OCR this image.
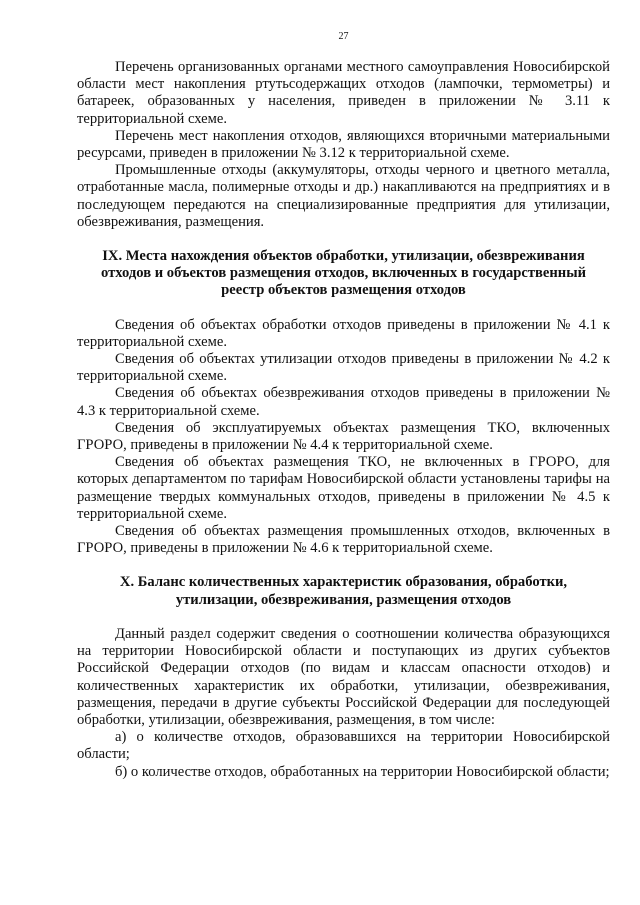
27

Перечень организованных органами местного самоуправления Новосибирской области мест накопления ртутьсодержащих отходов (лампочки, термометры) и батареек, образованных у населения, приведен в приложении № 3.11 к территориальной схеме.

Перечень мест накопления отходов, являющихся вторичными материальными ресурсами, приведен в приложении № 3.12 к территориальной схеме.

Промышленные отходы (аккумуляторы, отходы черного и цветного металла, отработанные масла, полимерные отходы и др.) накапливаются на предприятиях и в последующем передаются на специализированные предприятия для утилизации, обезвреживания, размещения.

IX. Места нахождения объектов обработки, утилизации, обезвреживания отходов и объектов размещения отходов, включенных в государственный реестр объектов размещения отходов

Сведения об объектах обработки отходов приведены в приложении № 4.1 к территориальной схеме.

Сведения об объектах утилизации отходов приведены в приложении № 4.2 к территориальной схеме.

Сведения об объектах обезвреживания отходов приведены в приложении № 4.3 к территориальной схеме.

Сведения об эксплуатируемых объектах размещения ТКО, включенных ГРОРО, приведены в приложении № 4.4 к территориальной схеме.

Сведения об объектах размещения ТКО, не включенных в ГРОРО, для которых департаментом по тарифам Новосибирской области установлены тарифы на размещение твердых коммунальных отходов, приведены в приложении № 4.5 к территориальной схеме.

Сведения об объектах размещения промышленных отходов, включенных в ГРОРО, приведены в приложении № 4.6 к территориальной схеме.

X. Баланс количественных характеристик образования, обработки, утилизации, обезвреживания, размещения отходов

Данный раздел содержит сведения о соотношении количества образующихся на территории Новосибирской области и поступающих из других субъектов Российской Федерации отходов (по видам и классам опасности отходов) и количественных характеристик их обработки, утилизации, обезвреживания, размещения, передачи в другие субъекты Российской Федерации для последующей обработки, утилизации, обезвреживания, размещения, в том числе:

а) о количестве отходов, образовавшихся на территории Новосибирской области;

б) о количестве отходов, обработанных на территории Новосибирской области;
